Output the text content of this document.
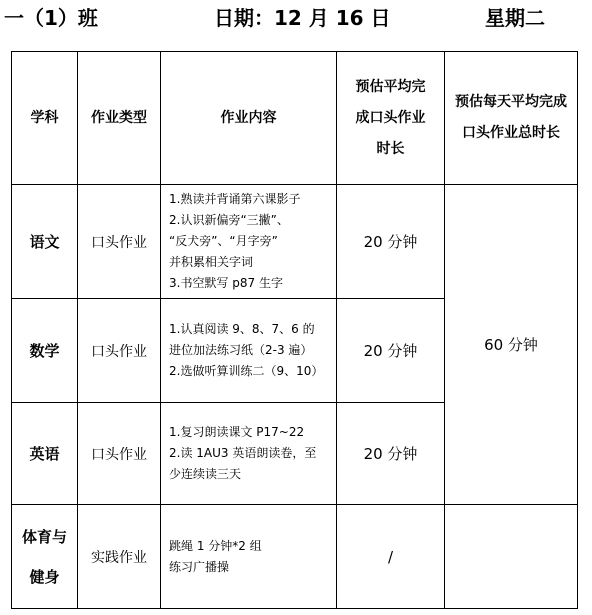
一（1）班	日期：12 月 16 日	星期二
学科	作业类型	作业内容	预估平均完
成口头作业
时长	预估每天平均完成
口头作业总时长

语文	口头作业	1.熟读并背诵第六课影子
2.认识新偏旁“三撇”、
“反犬旁”、“月字旁”
并积累相关字词
3.书空默写 p87 生字	20 分钟	60 分钟
数学	口头作业	1.认真阅读 9、8、7、6 的
进位加法练习纸（2-3 遍）
2.选做听算训练二（9、10）	20 分钟	
英语	口头作业	1.复习朗读课文 P17~22
2.读 1AU3 英语朗读卷，至
少连续读三天	20 分钟	

体育与
健身	实践作业	跳绳 1 分钟*2 组
练习广播操	/	
